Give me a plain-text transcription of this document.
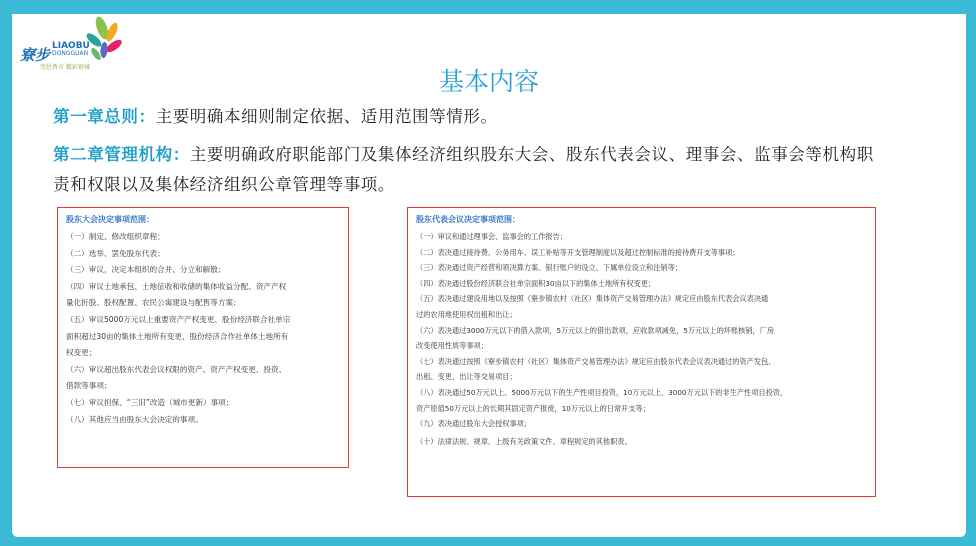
寮步 LIAOBU
DONGGUAN
莞邑香市 精彩寮城	基本内容
第一章总则：主要明确本细则制定依据、适用范围等情形。
第二章管理机构：主要明确政府职能部门及集体经济组织股东大会、股东代表会议、理事会、监事会等机构职责和权限以及集体经济组织公章管理等事项。
股东大会决定事项范围：
（一）制定、修改组织章程；
（二）选举、罢免股东代表；
（三）审议，决定本组织的合并、分立和解散；
（四）审议土地承包、土地征收和收储的集体收益分配、资产产权
量化折股、股权配置、农民公寓建设与配售等方案；
（五）审议5000万元以上重要资产产权变更、股份经济联合社单宗
面积超过30亩的集体土地所有变更、股份经济合作社单体土地所有
权变更；
（六）审议超出股东代表会议权限的资产、资产产权变更、投资、
借款等事项；
（七）审议担保、“三旧”改造（城市更新）事项；
（八）其他应当由股东大会决定的事项。
股东代表会议决定事项范围：
（一）审议和通过理事会、监事会的工作报告；
（二）表决通过接待费、公务用车、误工补贴等开支管理制度以及超过控制标准的接待费开支等事项；
（三）表决通过资产经营和领决算方案、银行账户的设立、下属单位设立和注销等；
（四）表决通过股份经济联合社单宗面积30亩以下的集体土地所有权变更；
（五）表决通过建设用地以及按照《寮步镇农村（社区）集体资产交易管理办法》规定应由股东代表会议表决通
过的农用地使用权出租和出让；
（六）表决通过3000万元以下的借入款项，5万元以上的借出款项，应收款项减免，5万元以上的坏账核销，厂房
改变使用性质等事项；
（七）表决通过按照《寮步镇农村（社区）集体资产交易管理办法》规定应由股东代表会议表决通过的资产发包、
出租、变更、出让等交易项目；
（八）表决通过50万元以上、5000万元以下的生产性项目投资，10万元以上、3000万元以下的非生产性项目投资，
资产原值50万元以上的长期其固定资产报废，10万元以上的日常开支等；
（九）表决通过股东大会授权事项；
（十）法律法规、规章、上级有关政策文件、章程规定的其他职责。
